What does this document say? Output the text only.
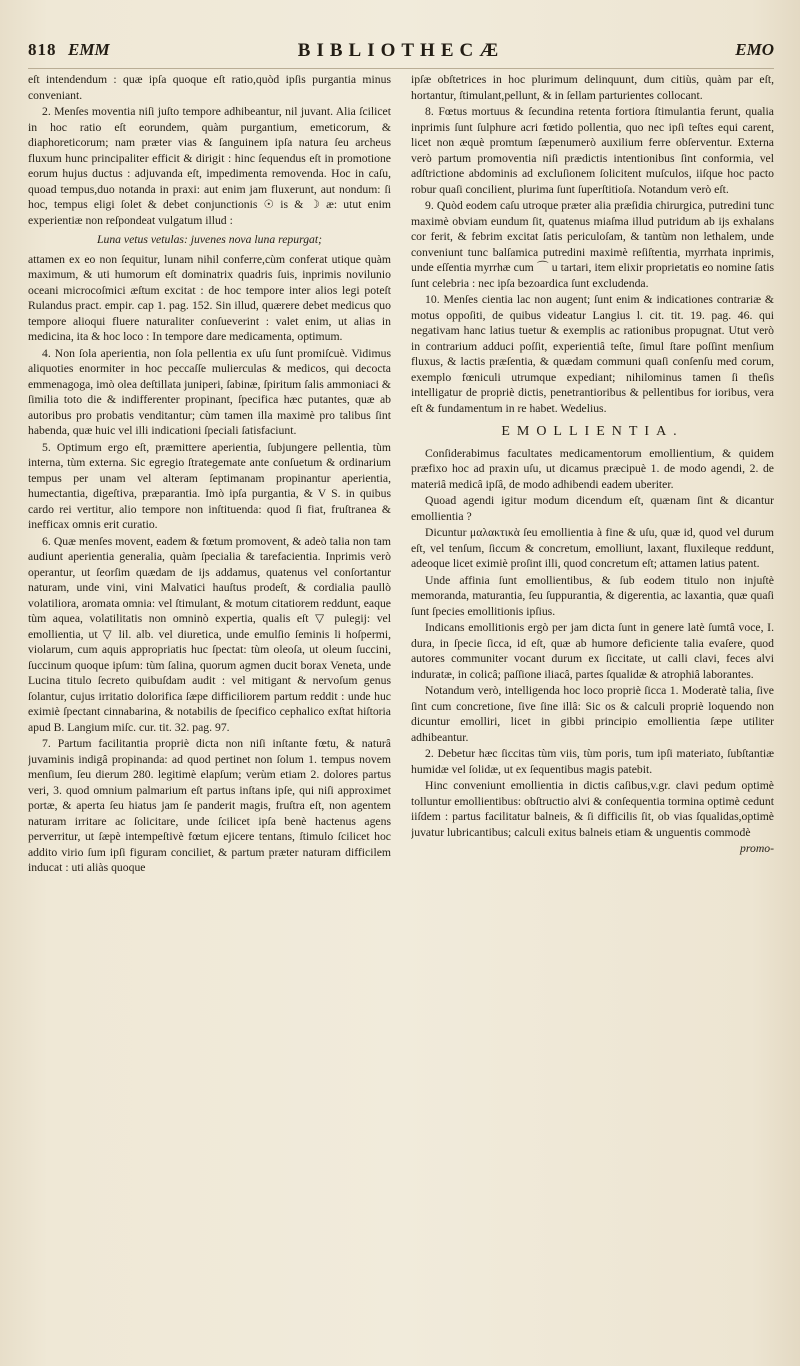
818 EMM	BIBLIOTHECÆ	EMO

eſt intendendum : quæ ipſa quoque eſt ratio,quòd ipſis purgantia minus conveniant.

2. Menſes moventia niſi juſto tempore adhibeantur, nil juvant. Alia ſcilicet in hoc ratio eſt eorundem, quàm purgantium, emeticorum, & diaphoreticorum; nam præter vias & ſanguinem ipſa natura ſeu archeus fluxum hunc principaliter efficit & dirigit : hinc ſequendus eſt in promotione eorum hujus ductus : adjuvanda eſt, impedimenta removenda. Hoc in caſu, quoad tempus,duo notanda in praxi: aut enim jam fluxerunt, aut nondum: ſi hoc, tempus eligi ſolet & debet conjunctionis ☉ is & ☽ æ: utut enim experientiæ non reſpondeat vulgatum illud :

Luna vetus vetulas: juvenes nova luna repurgat;

attamen ex eo non ſequitur, lunam nihil conferre,cùm conferat utique quàm maximum, & uti humorum eſt dominatrix quadris ſuis, inprimis novilunio oceani microcoſmici æſtum excitat : de hoc tempore inter alios legi poteſt Rulandus pract. empir. cap 1. pag. 152. Sin illud, quærere debet medicus quo tempore alioqui fluere naturaliter conſueverint : valet enim, ut alias in medicina, ita & hoc loco : In tempore dare medicamenta, optimum.

4. Non ſola aperientia, non ſola pellentia ex uſu ſunt promiſcuè. Vidimus aliquoties enormiter in hoc peccaſſe mulierculas & medicos, qui decocta emmenagoga, imò olea deſtillata juniperi, ſabinæ, ſpiritum ſalis ammoniaci & ſimilia toto die & indifferenter propinant, ſpecifica hæc putantes, quæ ab autoribus pro probatis venditantur; cùm tamen illa maximè pro talibus ſint habenda, quæ huic vel illi indicationi ſpeciali ſatisfaciunt.

5. Optimum ergo eſt, præmittere aperientia, ſubjungere pellentia, tùm interna, tùm externa. Sic egregio ſtrategemate ante conſuetum & ordinarium tempus per unam vel alteram ſeptimanam propinantur aperientia, humectantia, digeſtiva, præparantia. Imò ipſa purgantia, & V S. in quibus cardo rei vertitur, alio tempore non inſtituenda: quod ſi fiat, fruſtranea & inefficax omnis erit curatio.

6. Quæ menſes movent, eadem & fœtum promovent, & adeò talia non tam audiunt aperientia generalia, quàm ſpecialia & tarefacientia. Inprimis verò operantur, ut ſeorſim quædam de ijs addamus, quatenus vel conſortantur naturam, unde vini, vini Malvatici hauſtus prodeſt, & cordialia paullò volatiliora, aromata omnia: vel ſtimulant, & motum citatiorem reddunt, eaque tùm aquea, volatilitatis non omninò expertia, qualis eſt ▽ pulegij: vel emollientia, ut ▽ lil. alb. vel diuretica, unde emulſio ſeminis li hoſpermi, violarum, cum aquis appropriatis huc ſpectat: tùm oleoſa, ut oleum ſuccini, ſuccinum quoque ipſum: tùm ſalina, quorum agmen ducit borax Veneta, unde Lucina titulo ſecreto quibuſdam audit : vel mitigant & nervoſum genus ſolantur, cujus irritatio dolorifica ſæpe difficiliorem partum reddit : unde huc eximiè ſpectant cinnabarina, & notabilis de ſpecifico cephalico exſtat hiſtoria apud B. Langium miſc. cur. tit. 32. pag. 97.

7. Partum facilitantia propriè dicta non niſi inſtante fœtu, & naturâ juvaminis indigâ propinanda: ad quod pertinet non ſolum 1. tempus novem menſium, ſeu dierum 280. legitimè elapſum; verùm etiam 2. dolores partus veri, 3. quod omnium palmarium eſt partus inſtans ipſe, qui niſi approximet portæ, & aperta ſeu hiatus jam ſe panderit magis, fruſtra eſt, non agentem naturam irritare ac ſolicitare, unde ſcilicet ipſa benè hactenus agens perverritur, ut ſæpè intempeſtivè fœtum ejicere tentans, ſtimulo ſcilicet hoc addito virio ſum ipſi figuram conciliet, & partum præter naturam difficilem inducat : uti aliàs quoque

ipſæ obſtetrices in hoc plurimum delinquunt, dum citiùs, quàm par eſt, hortantur, ſtimulant,pellunt, & in ſellam parturientes collocant.

8. Fœtus mortuus & ſecundina retenta fortiora ſtimulantia ferunt, qualia inprimis ſunt ſulphure acri fœtido pollentia, quo nec ipſi teſtes equi carent, licet non æquè promtum ſæpenumerò auxilium ferre obſerventur. Externa verò partum promoventia niſi prædictis intentionibus ſint conformia, vel adſtrictione abdominis ad excluſionem ſolicitent muſculos, iiſque hoc pacto robur quaſi concilient, plurima ſunt ſuperſtitioſa. Notandum verò eſt.

9. Quòd eodem caſu utroque præter alia præſidia chirurgica, putredini tunc maximè obviam eundum ſit, quatenus miaſma illud putridum ab ijs exhalans cor ferit, & febrim excitat ſatis periculoſam, & tantùm non lethalem, unde conveniunt tunc balſamica putredini maximè reſiſtentia, myrrhata inprimis, unde eſſentia myrrhæ cum ⌒ u tartari, item elixir proprietatis eo nomine ſatis ſunt celebria : nec ipſa bezoardica ſunt excludenda.

10. Menſes cientia lac non augent; ſunt enim & indicationes contrariæ & motus oppoſiti, de quibus videatur Langius l. cit. tit. 19. pag. 46. qui negativam hanc latius tuetur & exemplis ac rationibus propugnat. Utut verò in contrarium adduci poſſit, experientiâ teſte, ſimul ſtare poſſint menſium fluxus, & lactis præſentia, & quædam communi quaſi conſenſu med corum, exemplo fœniculi utrumque expediant; nihilominus tamen ſi theſis intelligatur de propriè dictis, penetrantioribus & pellentibus for ioribus, vera eſt & fundamentum in re habet. Wedelius.

EMOLLIENTIA.

Conſiderabimus facultates medicamentorum emollientium, & quidem præfixo hoc ad praxin uſu, ut dicamus præcipuè 1. de modo agendi, 2. de materiâ medicâ ipſâ, de modo adhibendi eadem uberiter.

Quoad agendi igitur modum dicendum eſt, quænam ſint & dicantur emollientia ?

Dicuntur μαλακτικὰ ſeu emollientia à fine & uſu, quæ id, quod vel durum eſt, vel tenſum, ſiccum & concretum, emolliunt, laxant, fluxileque reddunt, adeoque licet eximiè proſint illi, quod concretum eſt; attamen latius patent.

Unde affinia ſunt emollientibus, & ſub eodem titulo non injuſtè memoranda, maturantia, ſeu ſuppurantia, & digerentia, ac laxantia, quæ quaſi ſunt ſpecies emollitionis ipſius.

Indicans emollitionis ergò per jam dicta ſunt in genere latè ſumtâ voce, I. dura, in ſpecie ſicca, id eſt, quæ ab humore deficiente talia evaſere, quod autores communiter vocant durum ex ſiccitate, ut calli clavi, feces alvi induratæ, in colicâ; paſſione iliacâ, partes ſqualidæ & atrophiâ laborantes.

Notandum verò, intelligenda hoc loco propriè ſicca 1. Moderatè talia, ſive ſint cum concretione, ſive ſine illâ: Sic os & calculi propriè loquendo non dicuntur emolliri, licet in gibbi principio emollientia ſæpe utiliter adhibeantur.

2. Debetur hæc ſiccitas tùm viis, tùm poris, tum ipſi materiato, ſubſtantiæ humidæ vel ſolidæ, ut ex ſequentibus magis patebit.

Hinc conveniunt emollientia in dictis caſibus,v.gr. clavi pedum optimè tolluntur emollientibus: obſtructio alvi & conſequentia tormina optimè cedunt iiſdem : partus facilitatur balneis, & ſi difficilis ſit, ob vias ſqualidas,optimè juvatur lubricantibus; calculi exitus balneis etiam & unguentis commodè

promo-
